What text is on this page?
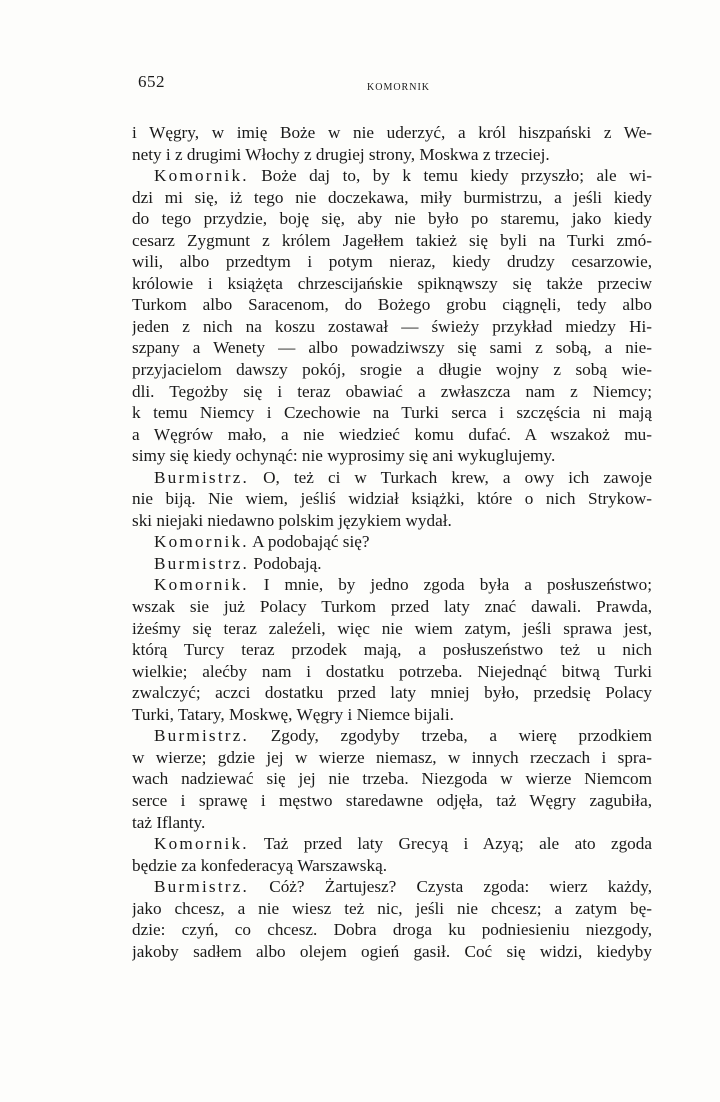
652	KOMORNIK
i Węgry, w imię Boże w nie uderzyć, a król hiszpański z We-
nety i z drugimi Włochy z drugiej strony, Moskwa z trzeciej.
Komornik. Boże daj to, by k temu kiedy przyszło; ale wi-
dzi mi się, iż tego nie doczekawa, miły burmistrzu, a jeśli kiedy
do tego przydzie, boję się, aby nie było po staremu, jako kiedy
cesarz Zygmunt z królem Jagełłem takież się byli na Turki zmó-
wili, albo przedtym i potym nieraz, kiedy drudzy cesarzowie,
królowie i książęta chrzescijańskie spiknąwszy się także przeciw
Turkom albo Saracenom, do Bożego grobu ciągnęli, tedy albo
jeden z nich na koszu zostawał — świeży przykład miedzy Hi-
szpany a Wenety — albo powadziwszy się sami z sobą, a nie-
przyjacielom dawszy pokój, srogie a długie wojny z sobą wie-
dli. Tegożby się i teraz obawiać a zwłaszcza nam z Niemcy;
k temu Niemcy i Czechowie na Turki serca i szczęścia ni mają
a Węgrów mało, a nie wiedzieć komu dufać. A wszakoż mu-
simy się kiedy ochynąć: nie wyprosimy się ani wykuglujemy.
Burmistrz. O, też ci w Turkach krew, a owy ich zawoje
nie biją. Nie wiem, jeśliś widział książki, które o nich Strykow-
ski niejaki niedawno polskim językiem wydał.
Komornik. A podobająć się?
Burmistrz. Podobają.
Komornik. I mnie, by jedno zgoda była a posłuszeństwo;
wszak sie już Polacy Turkom przed laty znać dawali. Prawda,
iżeśmy się teraz zaleźeli, więc nie wiem zatym, jeśli sprawa jest,
którą Turcy teraz przodek mają, a posłuszeństwo też u nich
wielkie; alećby nam i dostatku potrzeba. Niejednąć bitwą Turki
zwalczyć; aczci dostatku przed laty mniej było, przedsię Polacy
Turki, Tatary, Moskwę, Węgry i Niemce bijali.
Burmistrz. Zgody, zgodyby trzeba, a wierę przodkiem
w wierze; gdzie jej w wierze niemasz, w innych rzeczach i spra-
wach nadziewać się jej nie trzeba. Niezgoda w wierze Niemcom
serce i sprawę i męstwo staredawne odjęła, taż Węgry zagubiła,
taż Iflanty.
Komornik. Taż przed laty Grecyą i Azyą; ale ato zgoda
będzie za konfederacyą Warszawską.
Burmistrz. Cóż? Żartujesz? Czysta zgoda: wierz każdy,
jako chcesz, a nie wiesz też nic, jeśli nie chcesz; a zatym bę-
dzie: czyń, co chcesz. Dobra droga ku podniesieniu niezgody,
jakoby sadłem albo olejem ogień gasił. Coć się widzi, kiedyby
